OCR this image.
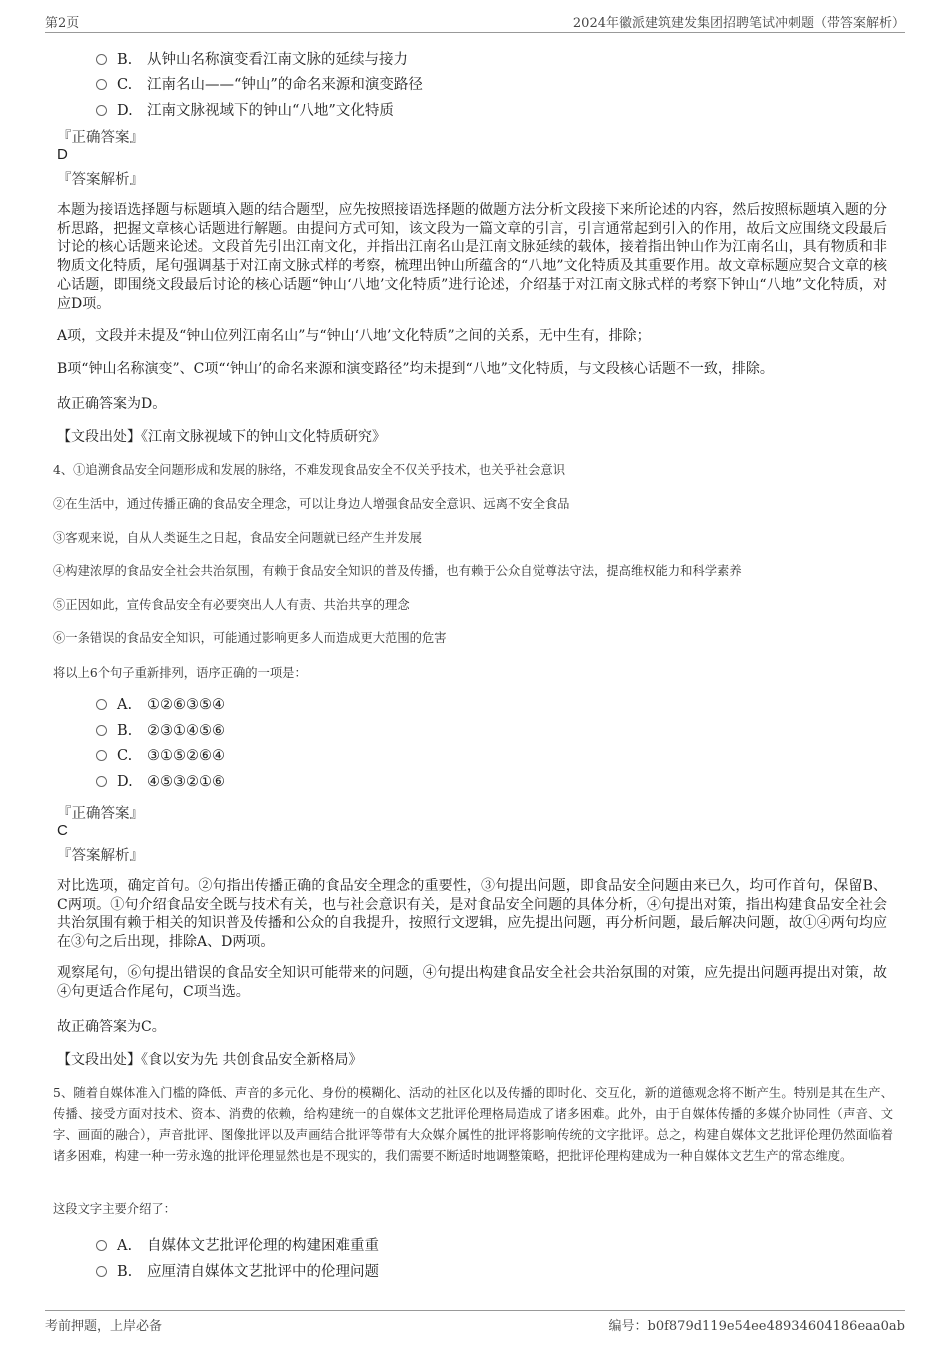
第2页	2024年徽派建筑建发集团招聘笔试冲刺题（带答案解析）
B. 从钟山名称演变看江南文脉的延续与接力
C. 江南名山——“钟山”的命名来源和演变路径
D. 江南文脉视域下的钟山“八地”文化特质
『正确答案』
D
『答案解析』
本题为接语选择题与标题填入题的结合题型，应先按照接语选择题的做题方法分析文段接下来所论述的内容，然后按照标题填入题的分析思路，把握文章核心话题进行解题。由提问方式可知，该文段为一篇文章的引言，引言通常起到引入的作用，故后文应围绕文段最后讨论的核心话题来论述。文段首先引出江南文化，并指出江南名山是江南文脉延续的载体，接着指出钟山作为江南名山，具有物质和非物质文化特质，尾句强调基于对江南文脉式样的考察，梳理出钟山所蕴含的“八地”文化特质及其重要作用。故文章标题应契合文章的核心话题，即围绕文段最后讨论的核心话题“钟山‘八地’文化特质”进行论述，介绍基于对江南文脉式样的考察下钟山“八地”文化特质，对应D项。
A项，文段并未提及“钟山位列江南名山”与“钟山‘八地’文化特质”之间的关系，无中生有，排除；
B项“钟山名称演变”、C项“‘钟山’的命名来源和演变路径”均未提到“八地”文化特质，与文段核心话题不一致，排除。
故正确答案为D。
【文段出处】《江南文脉视域下的钟山文化特质研究》
4、①追溯食品安全问题形成和发展的脉络，不难发现食品安全不仅关乎技术，也关乎社会意识
②在生活中，通过传播正确的食品安全理念，可以让身边人增强食品安全意识、远离不安全食品
③客观来说，自从人类诞生之日起，食品安全问题就已经产生并发展
④构建浓厚的食品安全社会共治氛围，有赖于食品安全知识的普及传播，也有赖于公众自觉尊法守法，提高维权能力和科学素养
⑤正因如此，宣传食品安全有必要突出人人有责、共治共享的理念
⑥一条错误的食品安全知识，可能通过影响更多人而造成更大范围的危害
将以上6个句子重新排列，语序正确的一项是：
A. ①②⑥③⑤④
B. ②③①④⑤⑥
C. ③①⑤②⑥④
D. ④⑤③②①⑥
『正确答案』
C
『答案解析』
对比选项，确定首句。②句指出传播正确的食品安全理念的重要性，③句提出问题，即食品安全问题由来已久，均可作首句，保留B、C两项。①句介绍食品安全既与技术有关，也与社会意识有关，是对食品安全问题的具体分析，④句提出对策，指出构建食品安全社会共治氛围有赖于相关的知识普及传播和公众的自我提升，按照行文逻辑，应先提出问题，再分析问题，最后解决问题，故①④两句均应在③句之后出现，排除A、D两项。
观察尾句，⑥句提出错误的食品安全知识可能带来的问题，④句提出构建食品安全社会共治氛围的对策，应先提出问题再提出对策，故④句更适合作尾句，C项当选。
故正确答案为C。
【文段出处】《食以安为先 共创食品安全新格局》
5、随着自媒体准入门槛的降低、声音的多元化、身份的模糊化、活动的社区化以及传播的即时化、交互化，新的道德观念将不断产生。特别是其在生产、传播、接受方面对技术、资本、消费的依赖，给构建统一的自媒体文艺批评伦理格局造成了诸多困难。此外，由于自媒体传播的多媒介协同性（声音、文字、画面的融合），声音批评、图像批评以及声画结合批评等带有大众媒介属性的批评将影响传统的文字批评。总之，构建自媒体文艺批评伦理仍然面临着诸多困难，构建一种一劳永逸的批评伦理显然也是不现实的，我们需要不断适时地调整策略，把批评伦理构建成为一种自媒体文艺生产的常态维度。
这段文字主要介绍了：
A. 自媒体文艺批评伦理的构建困难重重
B. 应厘清自媒体文艺批评中的伦理问题
考前押题，上岸必备	编号：b0f879d119e54ee48934604186eaa0ab
